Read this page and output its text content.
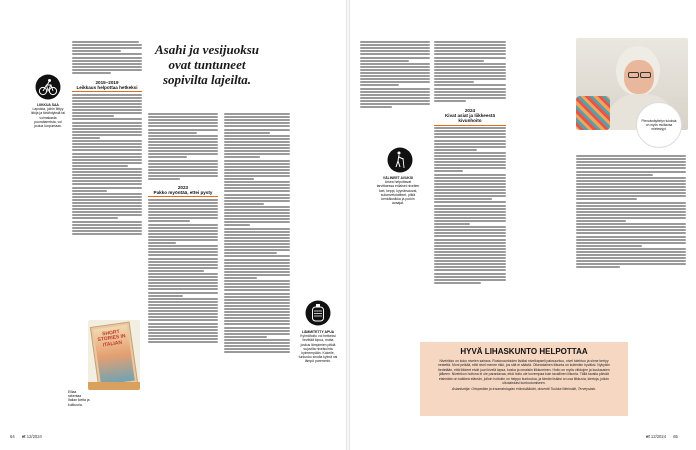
LIIKKUA SAA
Lapsista, joihin liittyy ikkija ja tärähdyksiä tai voimakasta puoraitarmista, voi joutua luopumaan.
2015–2019
Leikkaus helpottaa hetkeksi
SHORT STORIES IN ITALIAN
Elliaa rakentaa Italian kielta ja kulttuuria.
2023
Pakko myöntää, ettei pysty
Asahi ja vesijuoksu ovat tuntuneet sopivilta lajeilta.
LÄMMITETTY APUA
Kylmähoito voi hetkeksi lievittää kipua, mutta joskus lämpimien pitkiä sujuvilta nivelsuinta kylmempään. Kokeile, tuntuuko sinulla kylmä vai lämpö paremmin.
64 et 12/2024
2024
Kivat asiat ja liikkeestä kivunhoito
VÄLINEET AVUKSI
Arkea helpottavat tarvittaessa erilaiset nivelten tuet, keppi, kyynärsauvat, sukanvetolaitteet, pitkä kenkälusikka ja purkin avaajat.
Pienoisnäyttelyn tuloksia on myös muiliavaa mielestyyt.
HYVÄ LIHASKUNTO HELPOTTAA
Nivelrikko on koko nivelen sairaus. Rustovaurioiden lisäksi nivelkapseli paksuuntuu, nivel tulehtuu ja sinne kertyy nestettä. Moni pelkää, että nivel menee rikki, jos sitä ei säästä. Oikeanlainen liikunta on kuitenkin hyväksi. Nykyisin tiedetään, että liikkeet eivät juuri kivelä lapsa, koska ja omaisiin liikkuminen. Hoito on myös viikkojen ja kuukausien jälkeen. Nivelrikon hoitona ei ole parantavaa, eikä hoito ole kovempaa kuin tavallinen liikunta. Tällä tavalla päivää etsimään on kaikkea elämän, jolloin hoitokin on helppo kuntoutua, ja tämän lisäksi on osa liikkuvia, kiertoja, jolloin ulkolaistuisi kuntoutumiseen.
Asiantuntija: Ortopedian ja traumatologian erikoislääkäri, dosentti Tuukka Niinimäki, Terveystalo.
et 12/2024 65
